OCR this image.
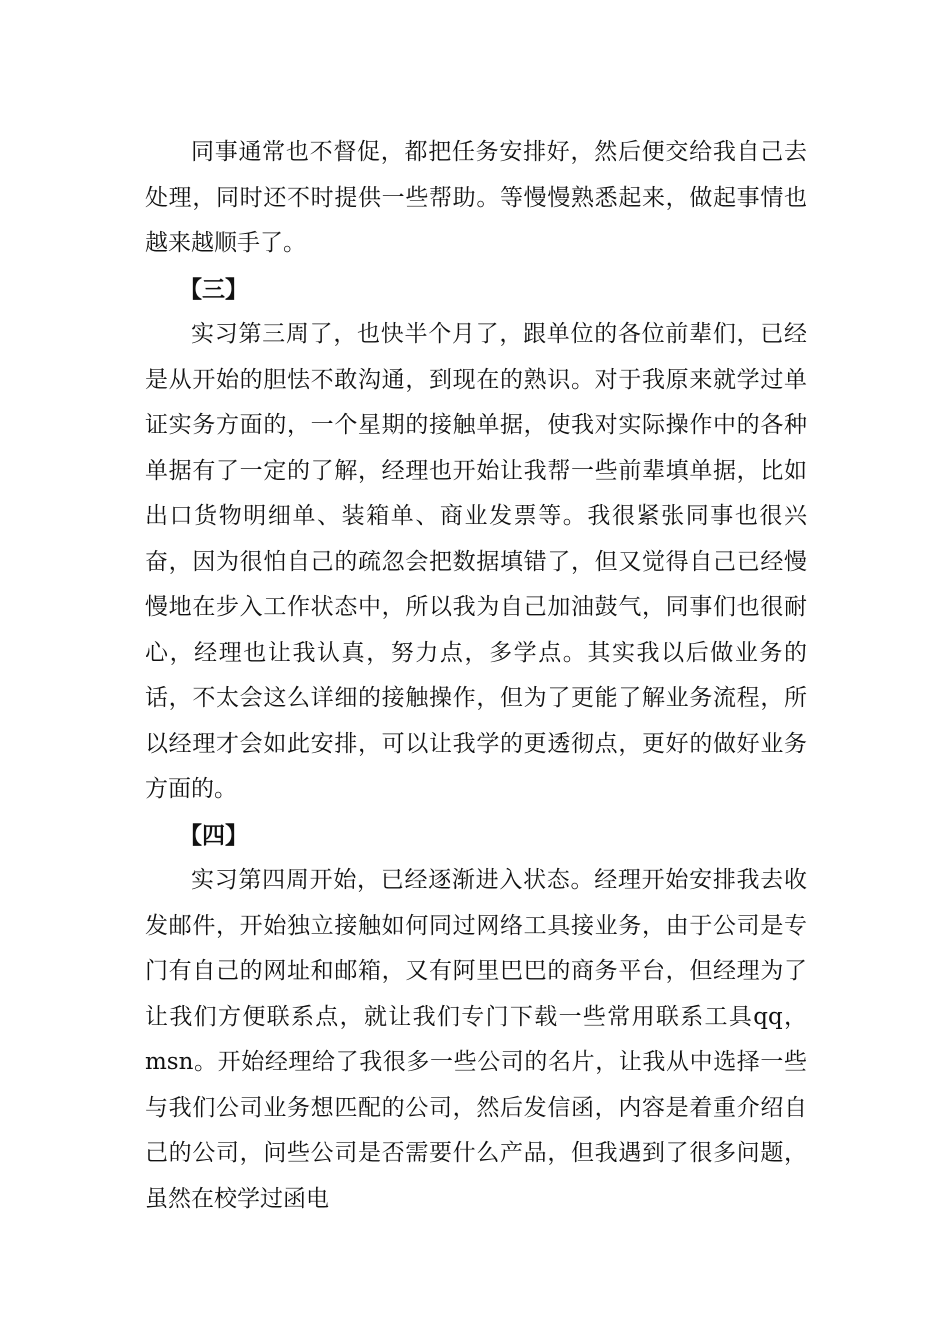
同事通常也不督促，都把任务安排好，然后便交给我自己去处理，同时还不时提供一些帮助。等慢慢熟悉起来，做起事情也越来越顺手了。

【三】

实习第三周了，也快半个月了，跟单位的各位前辈们，已经是从开始的胆怯不敢沟通，到现在的熟识。对于我原来就学过单证实务方面的，一个星期的接触单据，使我对实际操作中的各种单据有了一定的了解，经理也开始让我帮一些前辈填单据，比如出口货物明细单、装箱单、商业发票等。我很紧张同事也很兴奋，因为很怕自己的疏忽会把数据填错了，但又觉得自己已经慢慢地在步入工作状态中，所以我为自己加油鼓气，同事们也很耐心，经理也让我认真，努力点，多学点。其实我以后做业务的话，不太会这么详细的接触操作，但为了更能了解业务流程，所以经理才会如此安排，可以让我学的更透彻点，更好的做好业务方面的。

【四】

实习第四周开始，已经逐渐进入状态。经理开始安排我去收发邮件，开始独立接触如何同过网络工具接业务，由于公司是专门有自己的网址和邮箱，又有阿里巴巴的商务平台，但经理为了让我们方便联系点，就让我们专门下载一些常用联系工具qq，msn。开始经理给了我很多一些公司的名片，让我从中选择一些与我们公司业务想匹配的公司，然后发信函，内容是着重介绍自己的公司，问些公司是否需要什么产品，但我遇到了很多问题，虽然在校学过函电
